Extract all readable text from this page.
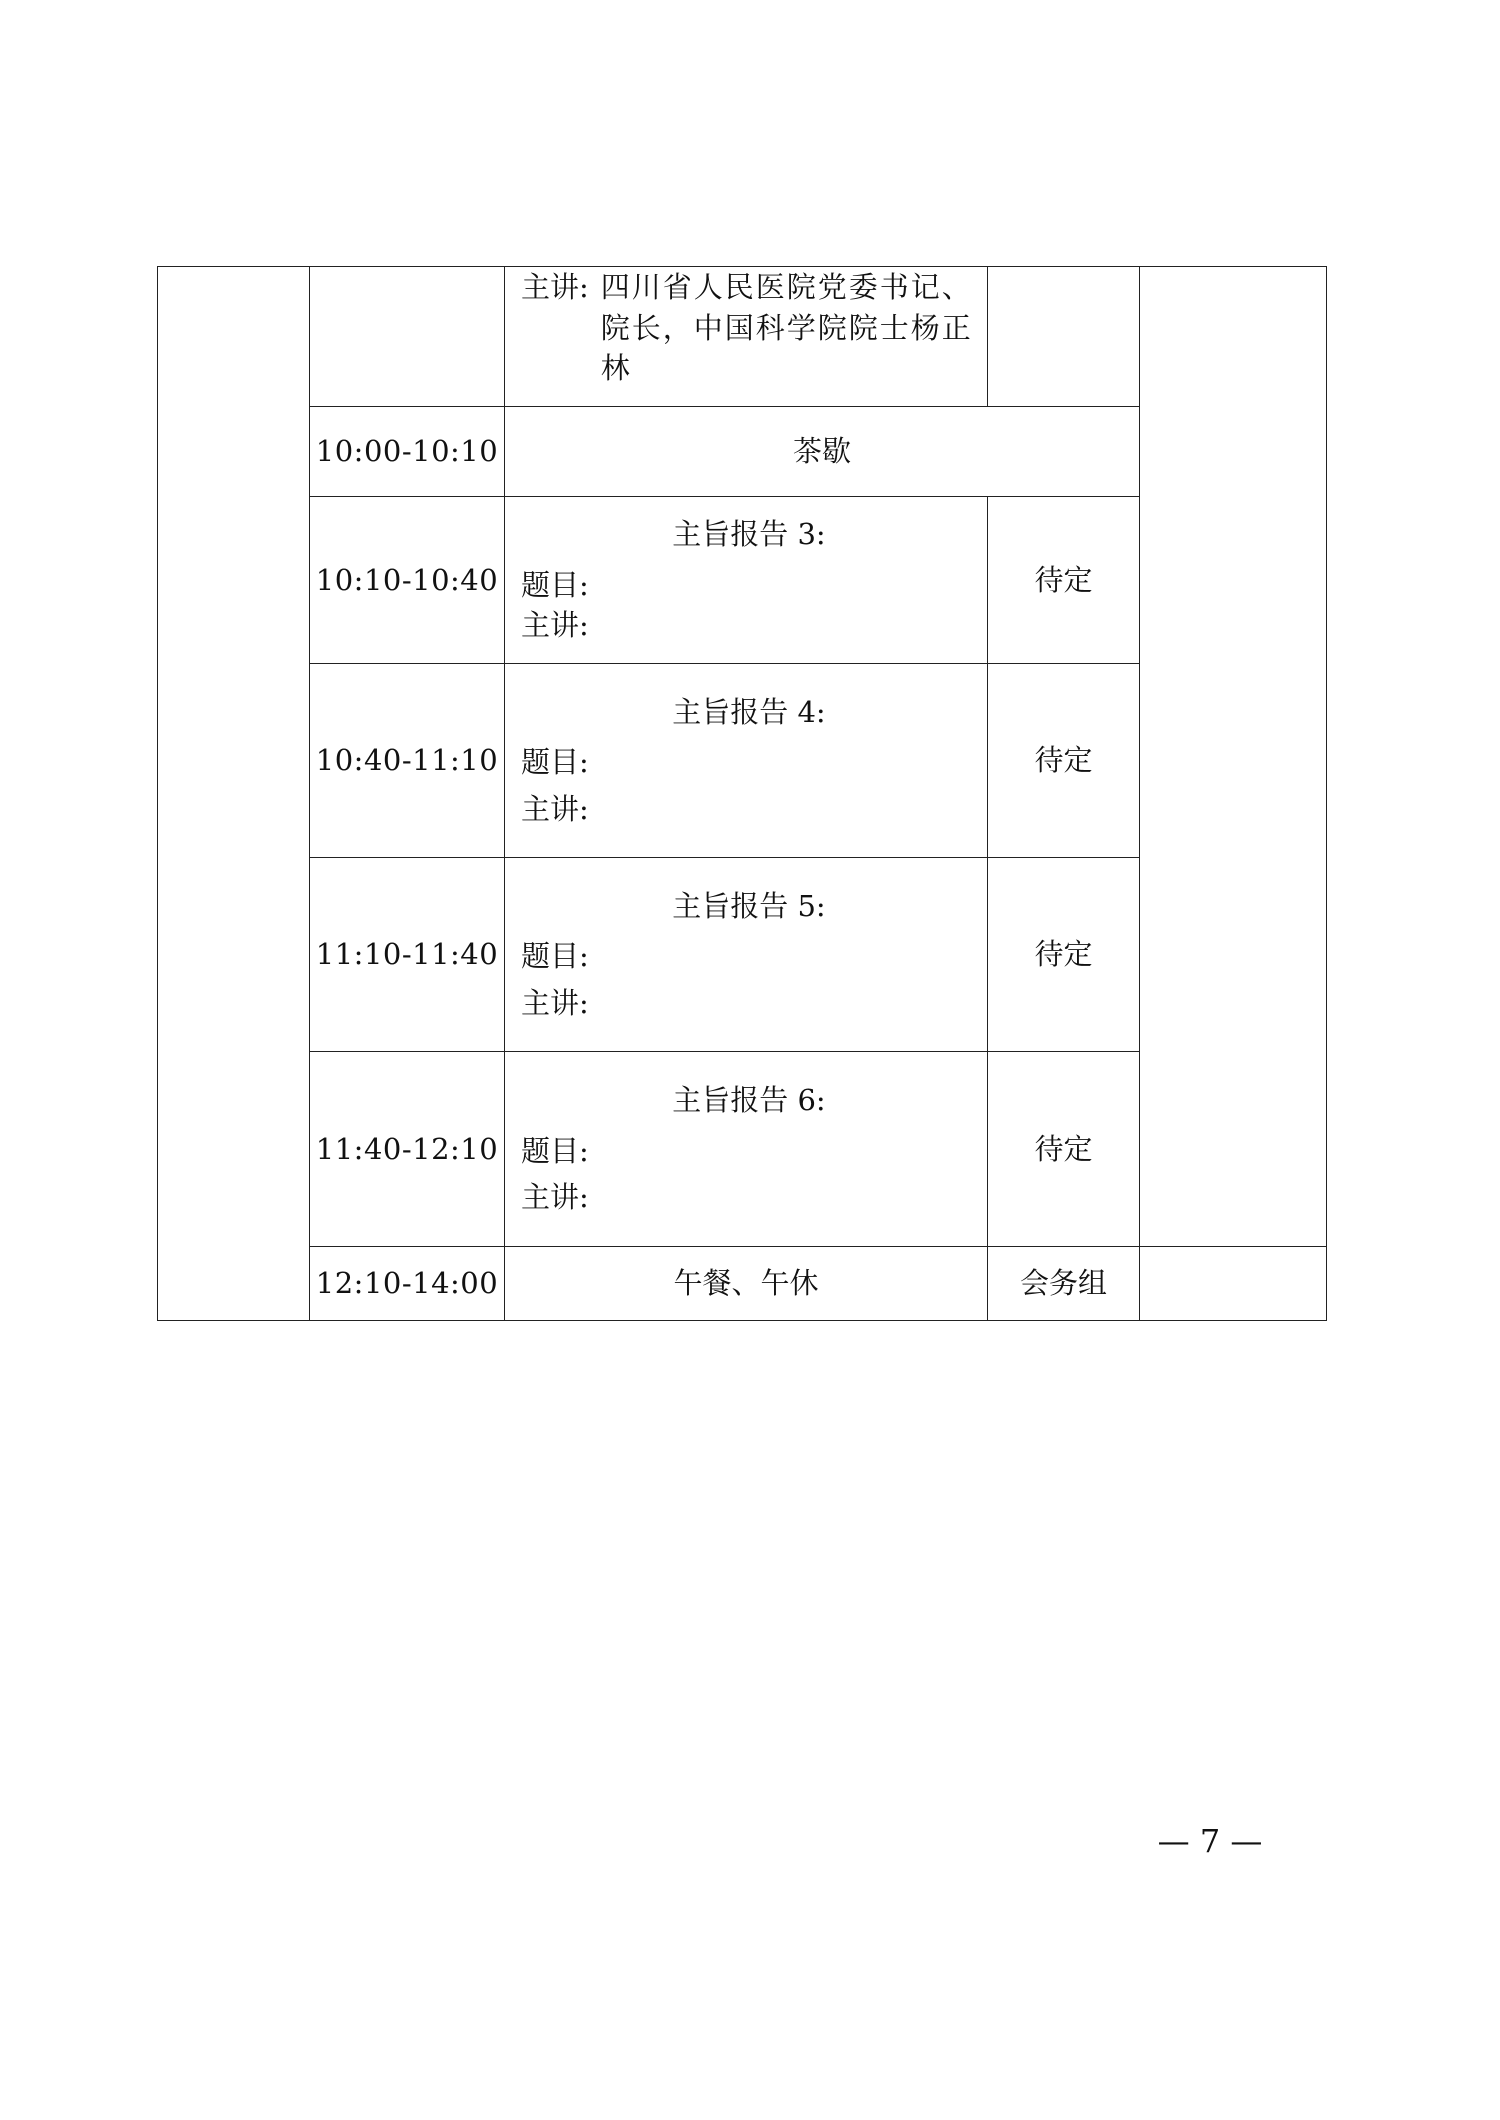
		主讲: 四川省人民医院党委书记、院长，中国科学院院士杨正林		

	10:00-10:10	茶歇		
	10:10-10:40	主旨报告 3:
题目:
主讲:	待定	
	10:40-11:10	主旨报告 4:
题目:
主讲:	待定	
	11:10-11:40	主旨报告 5:
题目:
主讲:	待定	
	11:40-12:10	主旨报告 6:
题目:
主讲:	待定	
	12:10-14:00	午餐、午休	会务组	
— 7 —
